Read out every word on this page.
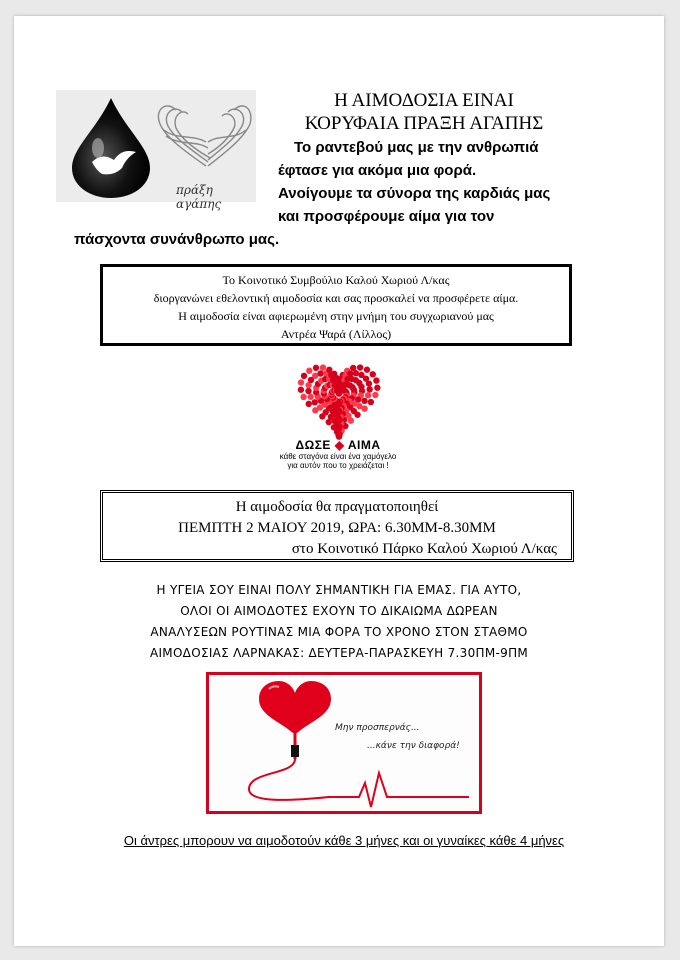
πράξη αγάπης
Η ΑΙΜΟΔΟΣΙΑ ΕΙΝΑΙ
ΚΟΡΥΦΑΙΑ ΠΡΑΞΗ ΑΓΑΠΗΣ
Το ραντεβού μας με την ανθρωπιά
έφτασε για ακόμα μια φορά.
Ανοίγουμε τα σύνορα της καρδιάς μας
και προσφέρουμε αίμα για τον
πάσχοντα συνάνθρωπο μας.
Το Κοινοτικό Συμβούλιο Καλού Χωριού Λ/κας
διοργανώνει εθελοντική αιμοδοσία και σας προσκαλεί να προσφέρετε αίμα.
Η αιμοδοσία είναι αφιερωμένη στην μνήμη του συγχωριανού μας
Αντρέα Ψαρά (Λίλλος)
ΔΩΣΕ ◆ ΑΙΜΑ
κάθε σταγόνα είναι ένα χαμόγελο
για αυτόν που το χρειάζεται !
Η αιμοδοσία θα πραγματοποιηθεί
ΠΕΜΠΤΗ 2 ΜΑΙΟΥ 2019, ΩΡΑ: 6.30ΜΜ-8.30ΜΜ
στο Κοινοτικό Πάρκο Καλού Χωριού Λ/κας
Η ΥΓΕΙΑ ΣΟΥ ΕΙΝΑΙ ΠΟΛΥ ΣΗΜΑΝΤΙΚΗ ΓΙΑ ΕΜΑΣ. ΓΙΑ ΑΥΤΟ,
ΟΛΟΙ ΟΙ ΑΙΜΟΔΟΤΕΣ ΕΧΟΥΝ ΤΟ ΔΙΚΑΙΩΜΑ ΔΩΡΕΑΝ
ΑΝΑΛΥΣΕΩΝ ΡΟΥΤΙΝΑΣ ΜΙΑ ΦΟΡΑ ΤΟ ΧΡΟΝΟ ΣΤΟΝ ΣΤΑΘΜΟ
ΑΙΜΟΔΟΣΙΑΣ ΛΑΡΝΑΚΑΣ: ΔΕΥΤΕΡΑ-ΠΑΡΑΣΚΕΥΗ 7.30ΠΜ-9ΠΜ
Μην προσπερνάς...
...κάνε την διαφορά!
Οι άντρες μπορουν να αιμοδοτούν κάθε 3 μήνες και οι γυναίκες κάθε 4 μήνες
